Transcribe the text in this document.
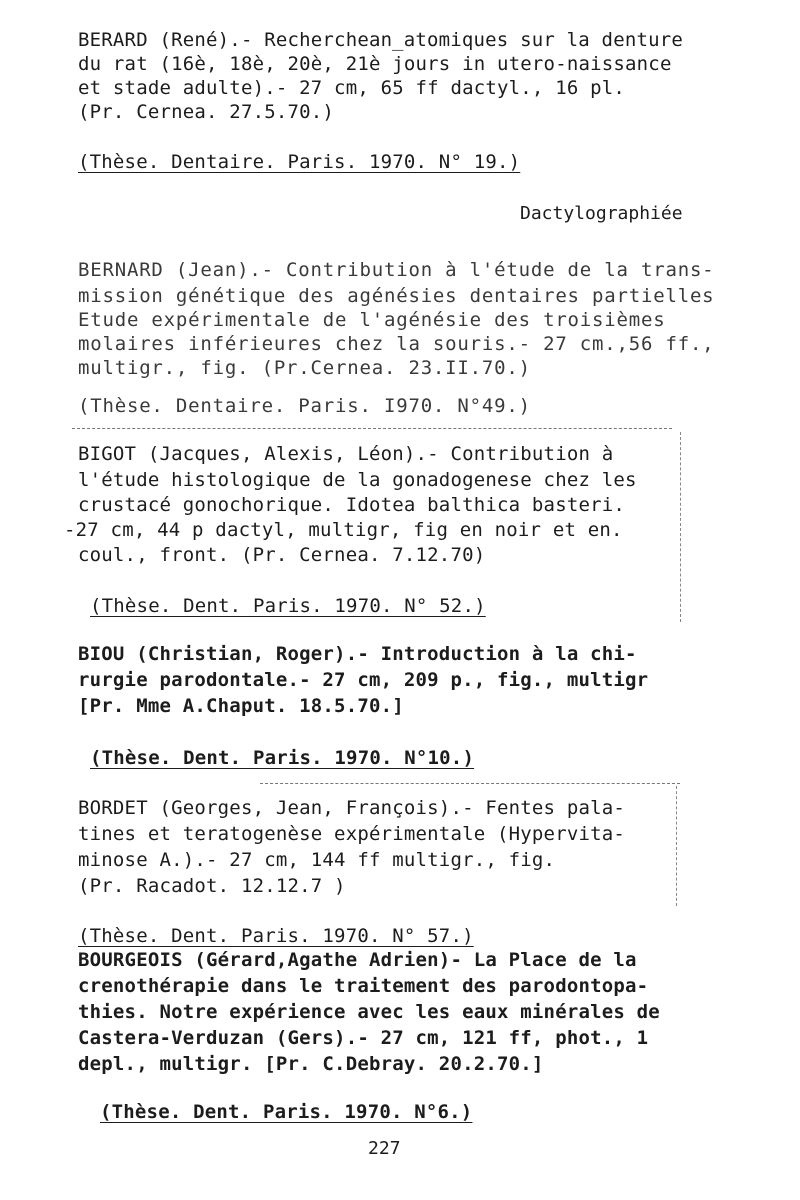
BERARD (René).- Recherchean̲atomiques sur la denture
du rat (16è, 18è, 20è, 21è jours in utero-naissance
et stade adulte).- 27 cm, 65 ff dactyl., 16 pl.
(Pr. Cernea. 27.5.70.)
(Thèse. Dentaire. Paris. 1970. N° 19.)
Dactylographiée
BERNARD (Jean).- Contribution à l'étude de la trans-
mission génétique des agénésies dentaires partielles
Etude expérimentale de l'agénésie des troisièmes
molaires inférieures chez la souris.- 27 cm.,56 ff.,
multigr., fig. (Pr.Cernea. 23.II.70.)
(Thèse. Dentaire. Paris. I970. N°49.)
BIGOT (Jacques, Alexis, Léon).- Contribution à
l'étude histologique de la gonadogenese chez les
crustacé gonochorique. Idotea balthica basteri.
-27 cm, 44 p dactyl, multigr, fig en noir et en.
coul., front. (Pr. Cernea. 7.12.70)
(Thèse. Dent. Paris. 1970. N° 52.)
BIOU (Christian, Roger).- Introduction à la chi-
rurgie parodontale.- 27 cm, 209 p., fig., multigr
[Pr. Mme A.Chaput. 18.5.70.]
(Thèse. Dent. Paris. 1970. N°10.)
BORDET (Georges, Jean, François).- Fentes pala-
tines et teratogenèse expérimentale (Hypervita-
minose A.).- 27 cm, 144 ff multigr., fig.
(Pr. Racadot. 12.12.7 )
(Thèse. Dent. Paris. 1970. N° 57.)
BOURGEOIS (Gérard,Agathe Adrien)- La Place de la
crenothérapie dans le traitement des parodontopa-
thies. Notre expérience avec les eaux minérales de
Castera-Verduzan (Gers).- 27 cm, 121 ff, phot., 1
depl., multigr. [Pr. C.Debray. 20.2.70.]
(Thèse. Dent. Paris. 1970. N°6.)
227
